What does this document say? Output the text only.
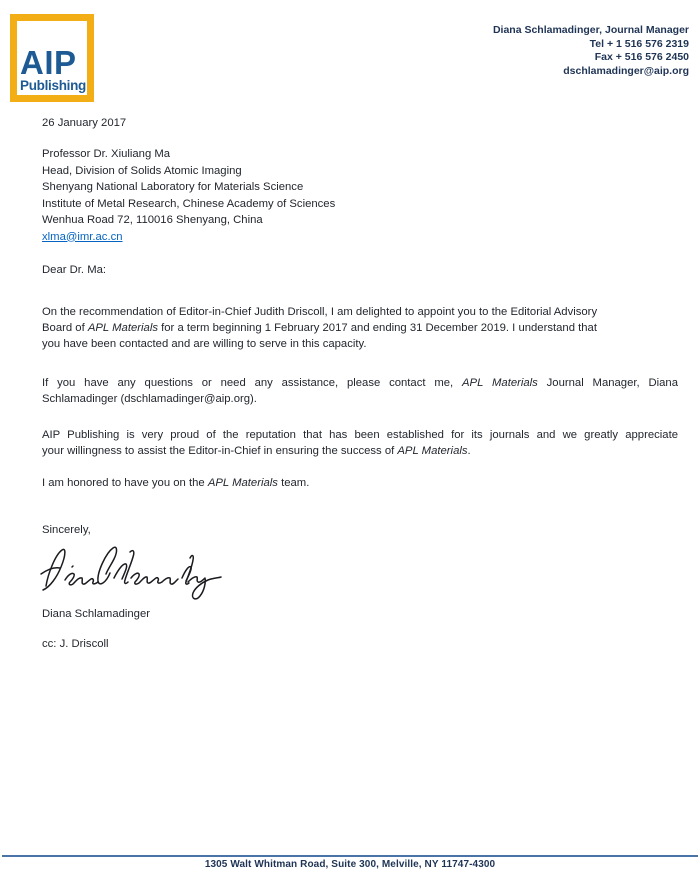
AIP
Publishing
Diana Schlamadinger, Journal Manager
Tel + 1 516 576 2319
Fax + 516 576 2450
dschlamadinger@aip.org
26 January 2017
Professor Dr. Xiuliang Ma
Head, Division of Solids Atomic Imaging
Shenyang National Laboratory for Materials Science
Institute of Metal Research, Chinese Academy of Sciences
Wenhua Road 72, 110016 Shenyang, China
xlma@imr.ac.cn
Dear Dr. Ma:
On the recommendation of Editor-in-Chief Judith Driscoll, I am delighted to appoint you to the Editorial Advisory
Board of APL Materials for a term beginning 1 February 2017 and ending 31 December 2019. I understand that
you have been contacted and are willing to serve in this capacity.
If you have any questions or need any assistance, please contact me, APL Materials Journal Manager, Diana
Schlamadinger (dschlamadinger@aip.org).
AIP Publishing is very proud of the reputation that has been established for its journals and we greatly appreciate
your willingness to assist the Editor-in-Chief in ensuring the success of APL Materials.
I am honored to have you on the APL Materials team.
Sincerely,
Diana Schlamadinger
cc: J. Driscoll
1305 Walt Whitman Road, Suite 300, Melville, NY 11747-4300
